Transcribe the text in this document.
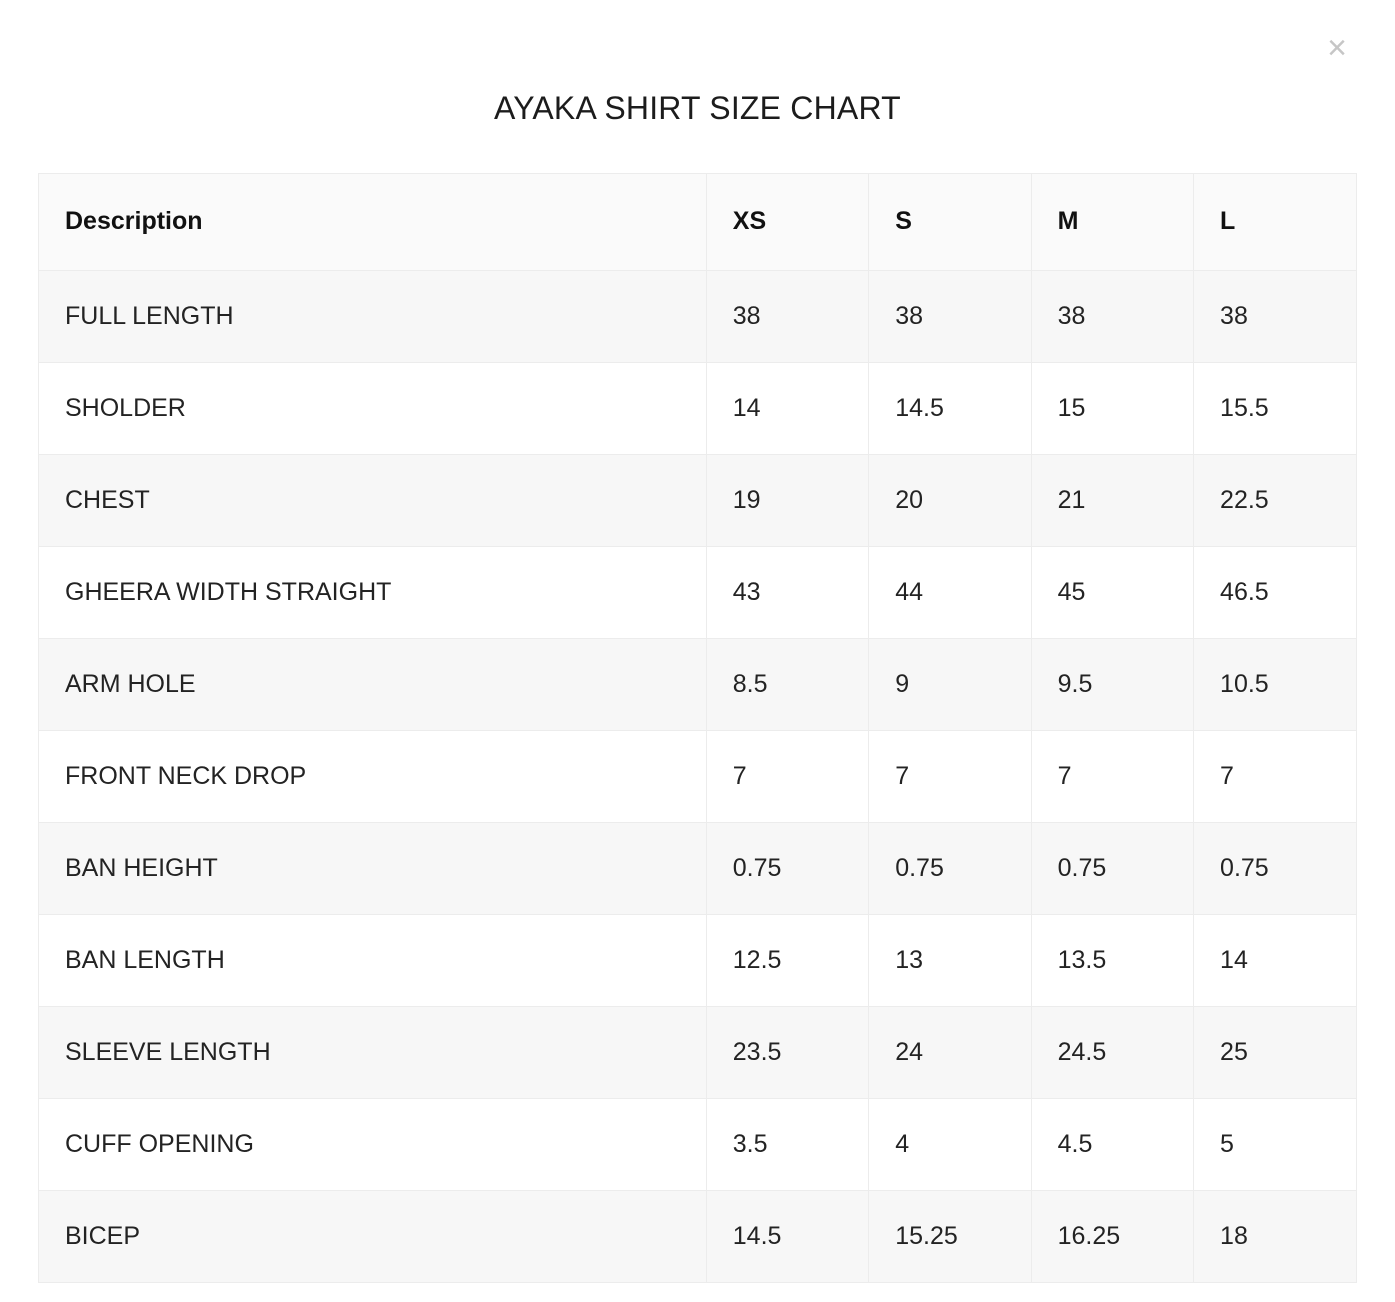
×
AYAKA SHIRT SIZE CHART
Description	XS	S	M	L
FULL LENGTH	38	38	38	38
SHOLDER	14	14.5	15	15.5
CHEST	19	20	21	22.5
GHEERA WIDTH STRAIGHT	43	44	45	46.5
ARM HOLE	8.5	9	9.5	10.5
FRONT NECK DROP	7	7	7	7
BAN HEIGHT	0.75	0.75	0.75	0.75
BAN LENGTH	12.5	13	13.5	14
SLEEVE LENGTH	23.5	24	24.5	25
CUFF OPENING	3.5	4	4.5	5
BICEP	14.5	15.25	16.25	18
